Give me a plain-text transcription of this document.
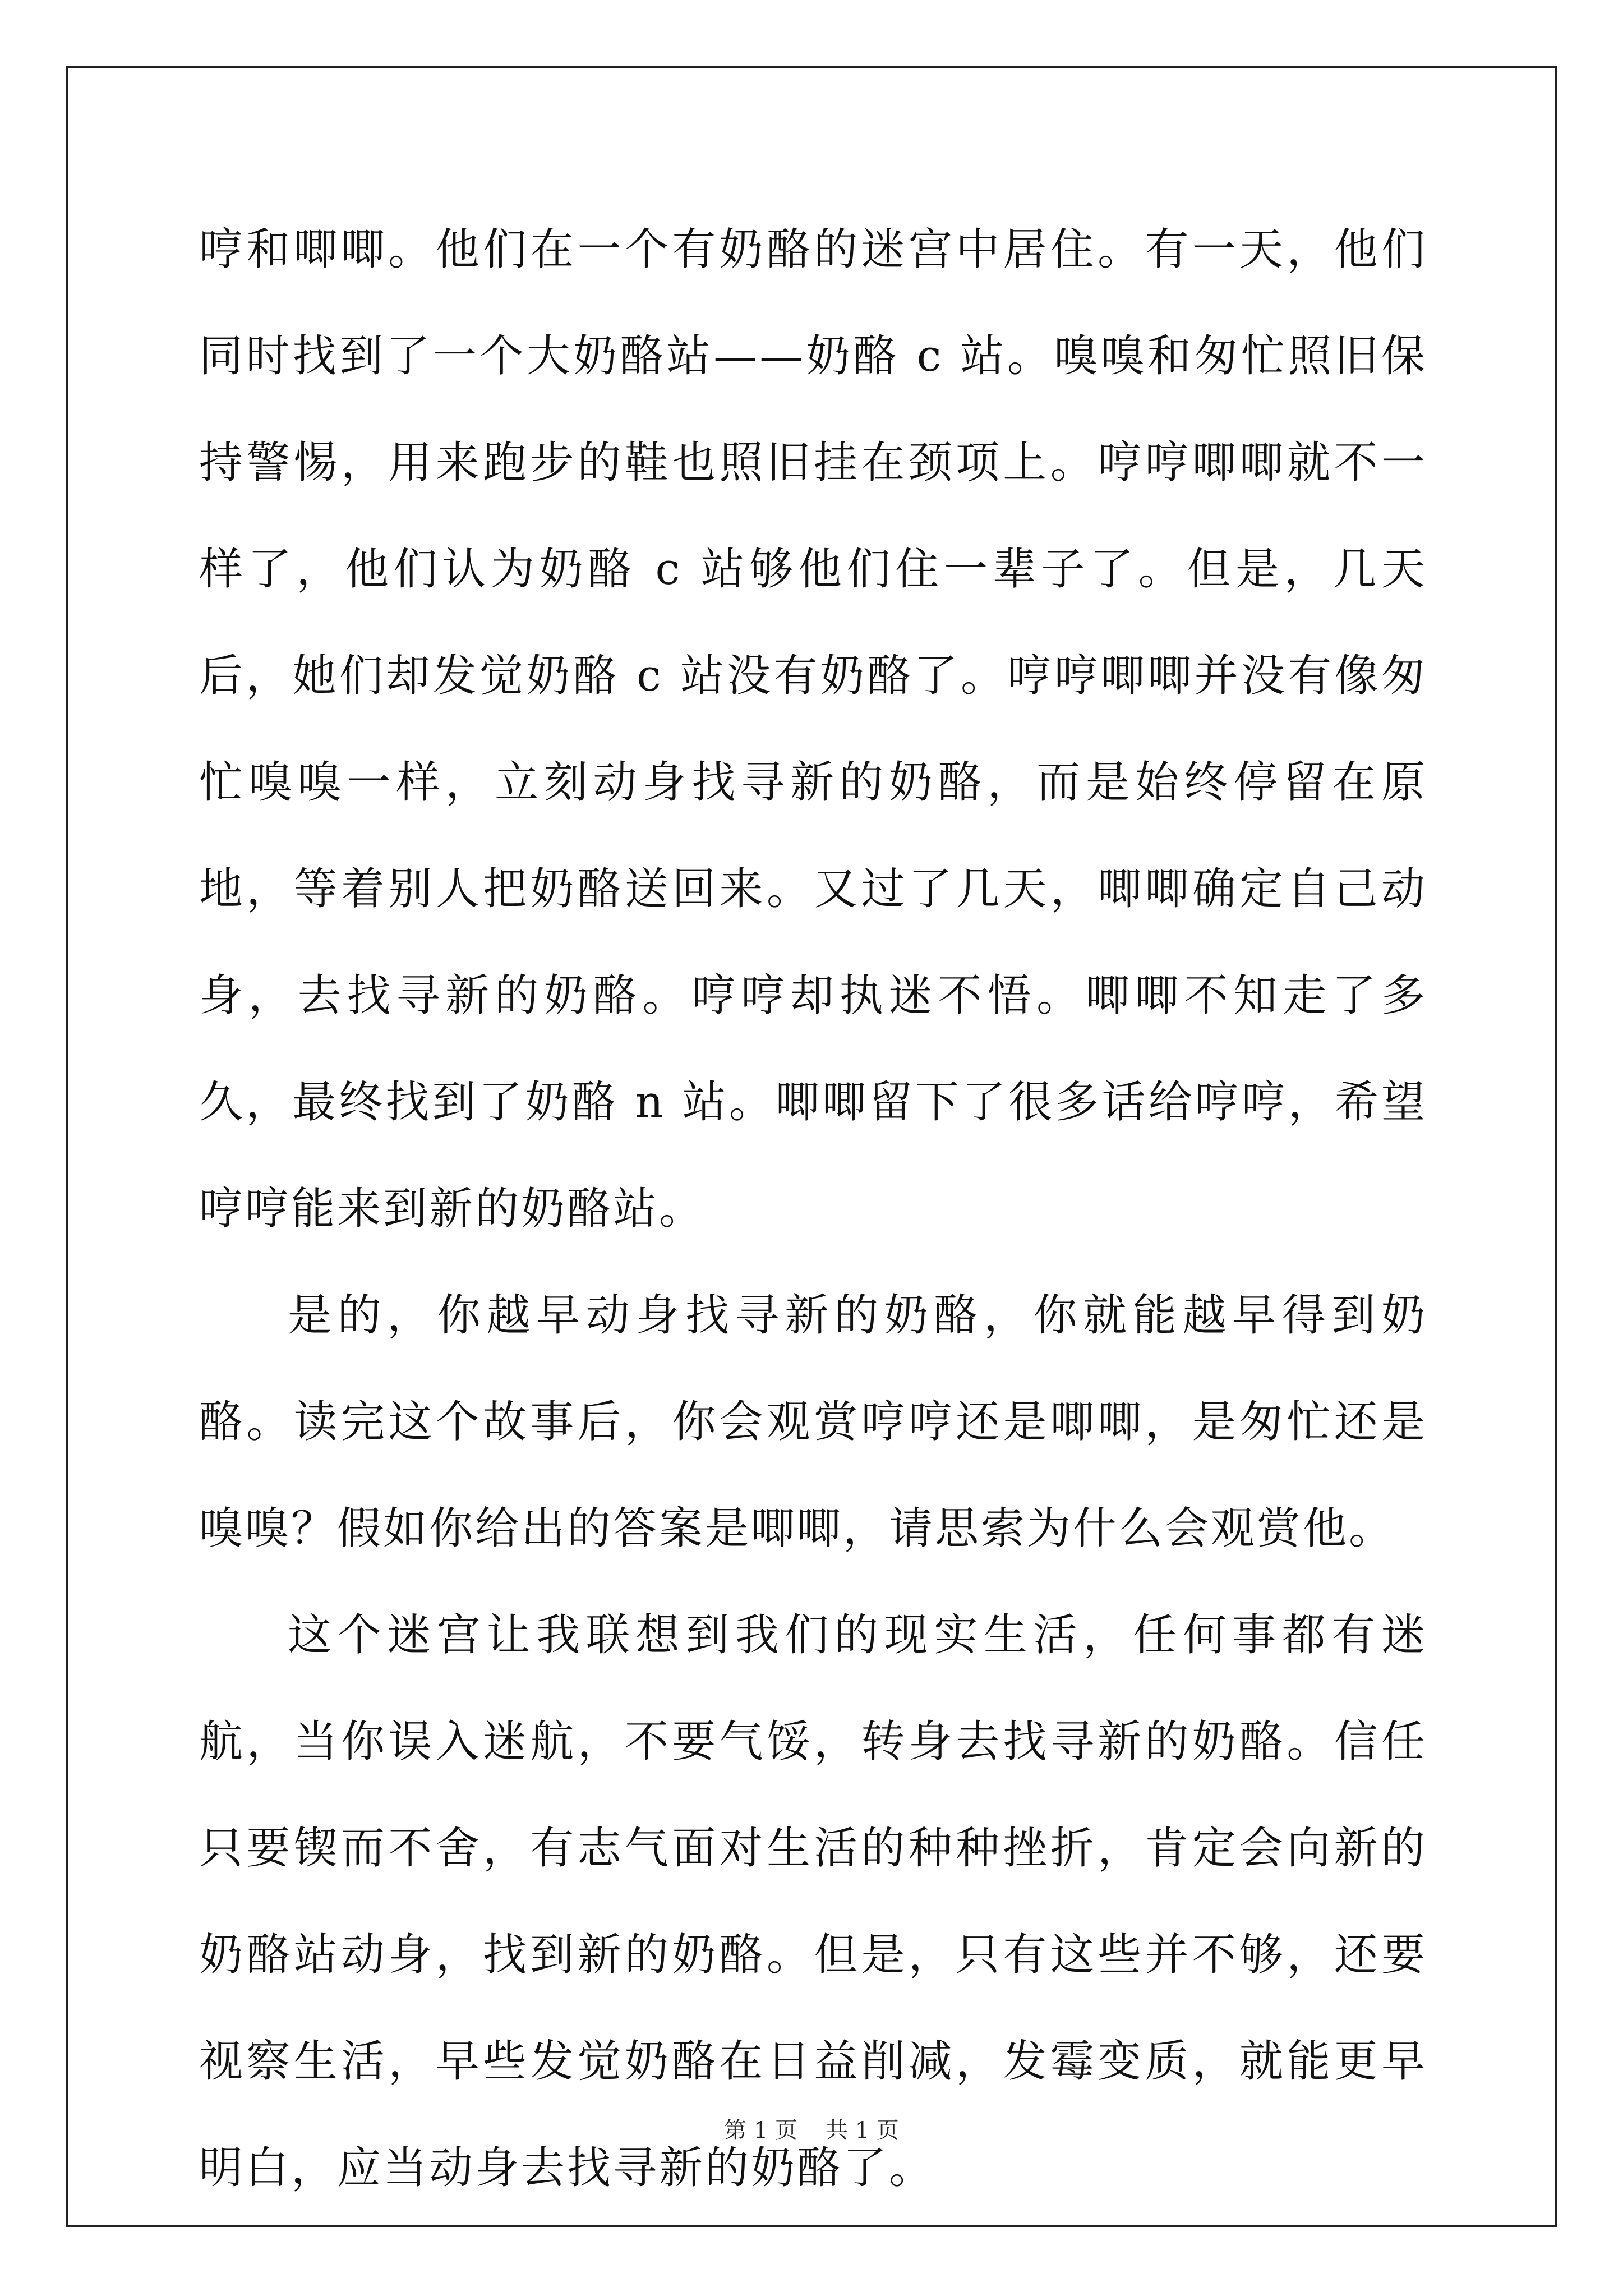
哼和唧唧。他们在一个有奶酪的迷宫中居住。有一天，他们同时找到了一个大奶酪站——奶酪 c 站。嗅嗅和匆忙照旧保持警惕，用来跑步的鞋也照旧挂在颈项上。哼哼唧唧就不一样了，他们认为奶酪 c 站够他们住一辈子了。但是，几天后，她们却发觉奶酪 c 站没有奶酪了。哼哼唧唧并没有像匆忙嗅嗅一样，立刻动身找寻新的奶酪，而是始终停留在原地，等着别人把奶酪送回来。又过了几天，唧唧确定自己动身，去找寻新的奶酪。哼哼却执迷不悟。唧唧不知走了多久，最终找到了奶酪 n 站。唧唧留下了很多话给哼哼，希望哼哼能来到新的奶酪站。

是的，你越早动身找寻新的奶酪，你就能越早得到奶酪。读完这个故事后，你会观赏哼哼还是唧唧，是匆忙还是嗅嗅？假如你给出的答案是唧唧，请思索为什么会观赏他。

这个迷宫让我联想到我们的现实生活，任何事都有迷航，当你误入迷航，不要气馁，转身去找寻新的奶酪。信任只要锲而不舍，有志气面对生活的种种挫折，肯定会向新的奶酪站动身，找到新的奶酪。但是，只有这些并不够，还要视察生活，早些发觉奶酪在日益削减，发霉变质，就能更早明白，应当动身去找寻新的奶酪了。

第 1 页 共 1 页
